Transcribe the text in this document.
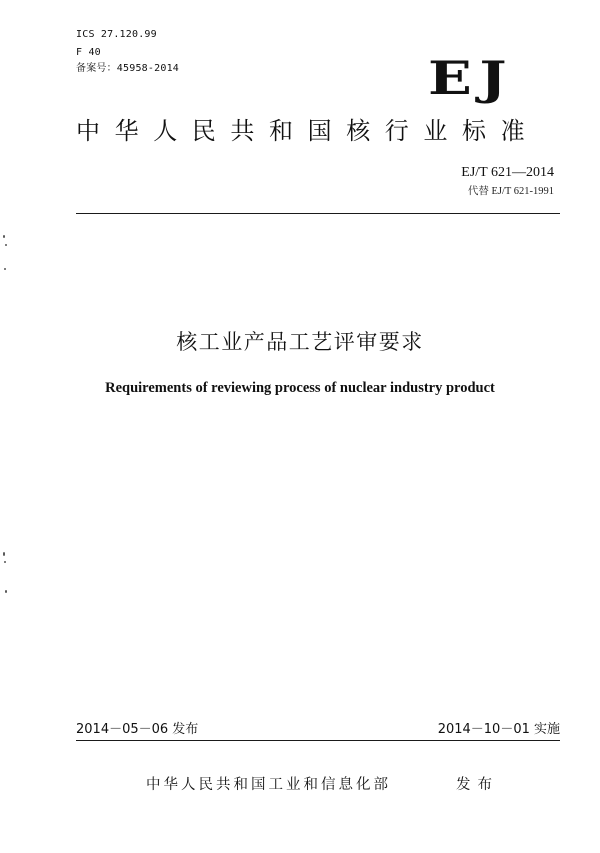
ICS 27.120.99
F 40
备案号：45958-2014	EJ
中华人民共和国核行业标准
EJ/T 621—2014
代替 EJ/T 621-1991
核工业产品工艺评审要求
Requirements of reviewing process of nuclear industry product
2014－05－06 发布	2014－10－01 实施
中华人民共和国工业和信息化部	发布
